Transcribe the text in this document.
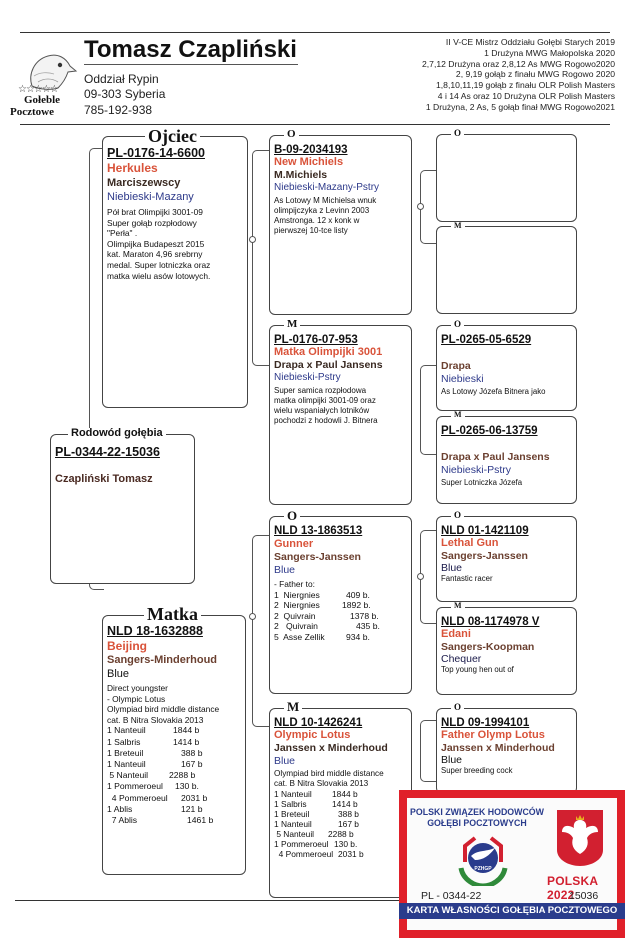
☆☆☆☆☆
Gołeble
Pocztowe
Tomasz Czapliński
Oddział Rypin
09-303 Syberia
785-192-938
II V-CE Mistrz Oddziału Gołębi Starych 2019
1 Drużyna MWG Małopolska 2020
2,7,12 Drużyna oraz 2,8,12 As MWG Rogowo2020
2, 9,19 gołąb z finału MWG Rogowo 2020
1,8,10,11,19 gołąb z finału OLR Polish Masters
4 i 14 As oraz 10 Drużyna OLR Polish Masters
1 Drużyna, 2 As, 5 gołąb finał MWG Rogowo2021
PL-0176-14-6600
Herkules
Marciszewscy
Niebieski-Mazany
Pół brat Olimpijki 3001-09
Super gołąb rozpłodowy
"Perła" .
Olimpijka Budapeszt 2015
kat. Maraton 4,96 srebrny
medal. Super lotniczka oraz
matka wielu asów lotowych.
Ojciec
PL-0344-22-15036
Czapliński Tomasz
Rodowód gołębia
NLD 18-1632888
Beijing
Sangers-Minderhoud
Blue
Direct youngster
- Olympic Lotus
Olympiad bird middle distance
cat. B Nitra Slovakia 2013
1 Nanteuil	1844 b
1 Salbris	1414 b
1 Breteuil	388 b
1 Nanteuil	167 b
5 Nanteuil	2288 b
1 Pommeroeul	130 b.
4 Pommeroeul	2031 b
1 Ablis	121 b
7 Ablis	1461 b
Matka
B-09-2034193
New Michiels
M.Michiels
Niebieski-Mazany-Pstry
As Lotowy M Michielsa wnuk
olimpijczyka z Levinn 2003
Amstronga. 12 x konk w
pierwszej 10-tce listy
O
PL-0176-07-953
Matka Olimpijki 3001
Drapa x Paul Jansens
Niebieski-Pstry
Super samica rozpłodowa
matka olimpijki 3001-09 oraz
wielu wspaniałych lotników
pochodzi z hodowli J. Bitnera
M
NLD 13-1863513
Gunner
Sangers-Janssen
Blue
- Father to:
1  Niergnies	409 b.
2  Niergnies	1892 b.
2  Quivrain	1378 b.
2   Quivrain	435 b.
5  Asse Zellik	934 b.
O
NLD 10-1426241
Olympic Lotus
Janssen x Minderhoud
Blue
Olympiad bird middle distance
cat. B Nitra Slovakia 2013
1 Nanteuil	1844 b
1 Salbris	1414 b
1 Breteuil	388 b
1 Nanteuil	167 b
5 Nanteuil	2288 b
1 Pommeroeul 130 b.
4 Pommeroeul 2031 b
M
O
M
PL-0265-05-6529
Drapa
Niebieski
As Lotowy Józefa Bitnera jako
O
PL-0265-06-13759
Drapa x Paul Jansens
Niebieski-Pstry
Super Lotniczka Józefa
M
NLD 01-1421109
Lethal Gun
Sangers-Janssen
Blue
Fantastic racer
O
NLD 08-1174978 V
Edani
Sangers-Koopman
Chequer
Top young hen out of
M
NLD 09-1994101
Father Olymp Lotus
Janssen x Minderhoud
Blue
Super breeding cock
O
POLSKI ZWIĄZEK HODOWCÓW
GOŁĘBI POCZTOWYCH
PZHGP
POLSKA 2022
PL - 0344-22	15036
KARTA WŁASNOŚCI GOŁĘBIA POCZTOWEGO
